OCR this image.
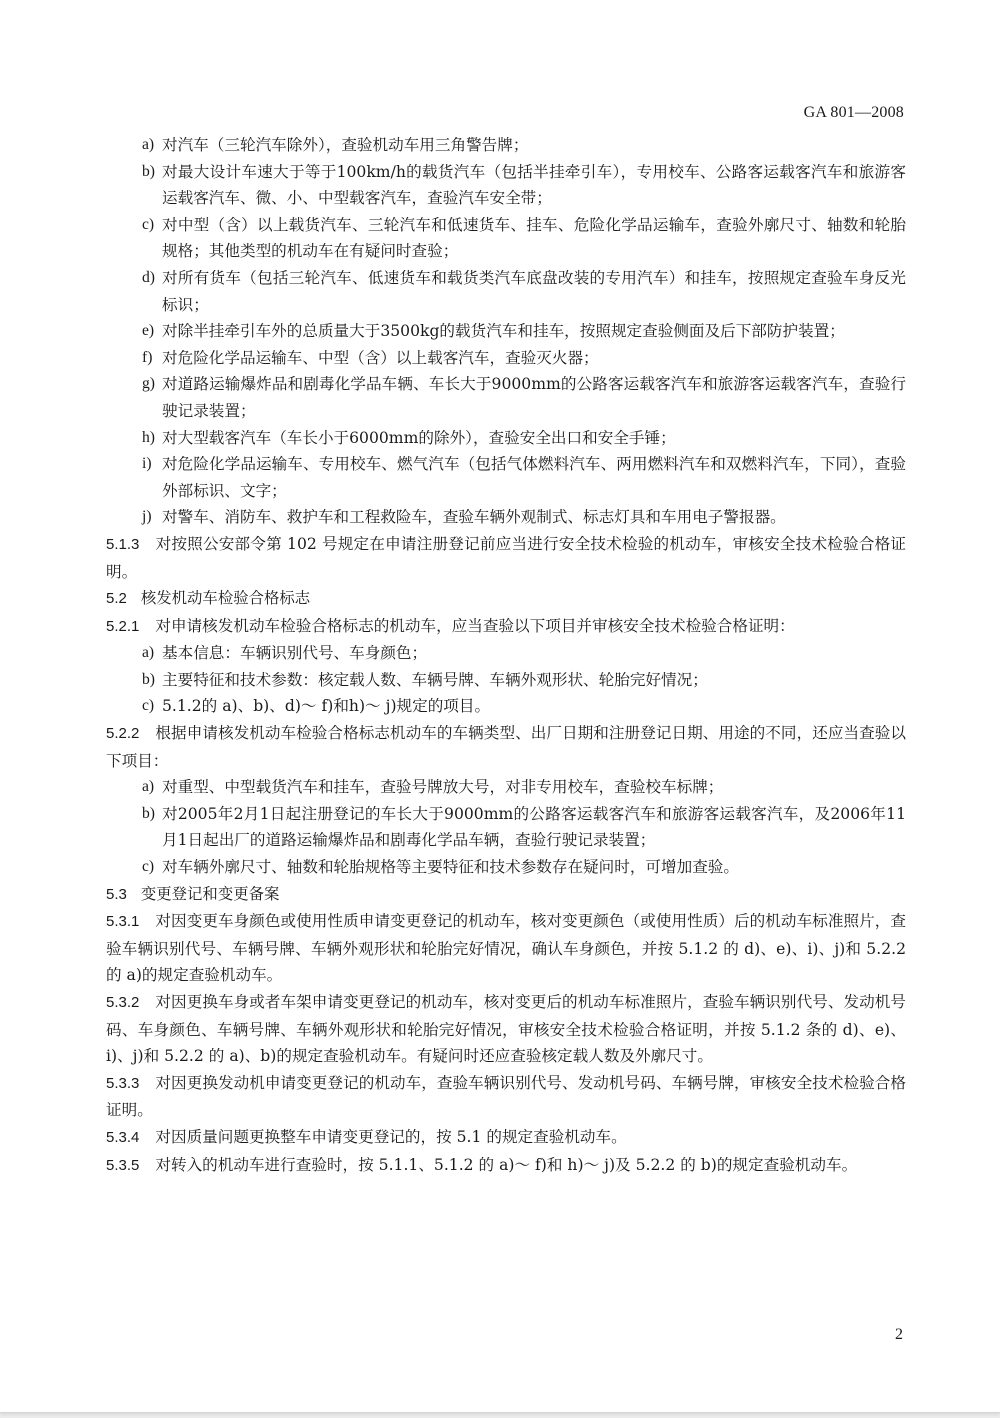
GA 801—2008
a) 对汽车（三轮汽车除外），查验机动车用三角警告牌；
b) 对最大设计车速大于等于100km/h的载货汽车（包括半挂牵引车），专用校车、公路客运载客汽车和旅游客运载客汽车、微、小、中型载客汽车，查验汽车安全带；
c) 对中型（含）以上载货汽车、三轮汽车和低速货车、挂车、危险化学品运输车，查验外廓尺寸、轴数和轮胎规格；其他类型的机动车在有疑问时查验；
d) 对所有货车（包括三轮汽车、低速货车和载货类汽车底盘改装的专用汽车）和挂车，按照规定查验车身反光标识；
e) 对除半挂牵引车外的总质量大于3500kg的载货汽车和挂车，按照规定查验侧面及后下部防护装置；
f) 对危险化学品运输车、中型（含）以上载客汽车，查验灭火器；
g) 对道路运输爆炸品和剧毒化学品车辆、车长大于9000mm的公路客运载客汽车和旅游客运载客汽车，查验行驶记录装置；
h) 对大型载客汽车（车长小于6000mm的除外），查验安全出口和安全手锤；
i) 对危险化学品运输车、专用校车、燃气汽车（包括气体燃料汽车、两用燃料汽车和双燃料汽车，下同），查验外部标识、文字；
j) 对警车、消防车、救护车和工程救险车，查验车辆外观制式、标志灯具和车用电子警报器。

5.1.3 对按照公安部令第 102 号规定在申请注册登记前应当进行安全技术检验的机动车，审核安全技术检验合格证明。

5.2 核发机动车检验合格标志

5.2.1 对申请核发机动车检验合格标志的机动车，应当查验以下项目并审核安全技术检验合格证明：

a) 基本信息：车辆识别代号、车身颜色；
b) 主要特征和技术参数：核定载人数、车辆号牌、车辆外观形状、轮胎完好情况；
c) 5.1.2的 a)、b)、d)～ f)和h)～ j)规定的项目。

5.2.2 根据申请核发机动车检验合格标志机动车的车辆类型、出厂日期和注册登记日期、用途的不同，还应当查验以下项目：

a) 对重型、中型载货汽车和挂车，查验号牌放大号，对非专用校车，查验校车标牌；
b) 对2005年2月1日起注册登记的车长大于9000mm的公路客运载客汽车和旅游客运载客汽车，及2006年11月1日起出厂的道路运输爆炸品和剧毒化学品车辆，查验行驶记录装置；
c) 对车辆外廓尺寸、轴数和轮胎规格等主要特征和技术参数存在疑问时，可增加查验。

5.3 变更登记和变更备案

5.3.1 对因变更车身颜色或使用性质申请变更登记的机动车，核对变更颜色（或使用性质）后的机动车标准照片，查验车辆识别代号、车辆号牌、车辆外观形状和轮胎完好情况，确认车身颜色，并按 5.1.2 的 d)、e)、i)、j)和 5.2.2 的 a)的规定查验机动车。

5.3.2 对因更换车身或者车架申请变更登记的机动车，核对变更后的机动车标准照片，查验车辆识别代号、发动机号码、车身颜色、车辆号牌、车辆外观形状和轮胎完好情况，审核安全技术检验合格证明，并按 5.1.2 条的 d)、e)、i)、j)和 5.2.2 的 a)、b)的规定查验机动车。有疑问时还应查验核定载人数及外廓尺寸。

5.3.3 对因更换发动机申请变更登记的机动车，查验车辆识别代号、发动机号码、车辆号牌，审核安全技术检验合格证明。

5.3.4 对因质量问题更换整车申请变更登记的，按 5.1 的规定查验机动车。

5.3.5 对转入的机动车进行查验时，按 5.1.1、5.1.2 的 a)～ f)和 h)～ j)及 5.2.2 的 b)的规定查验机动车。

2
